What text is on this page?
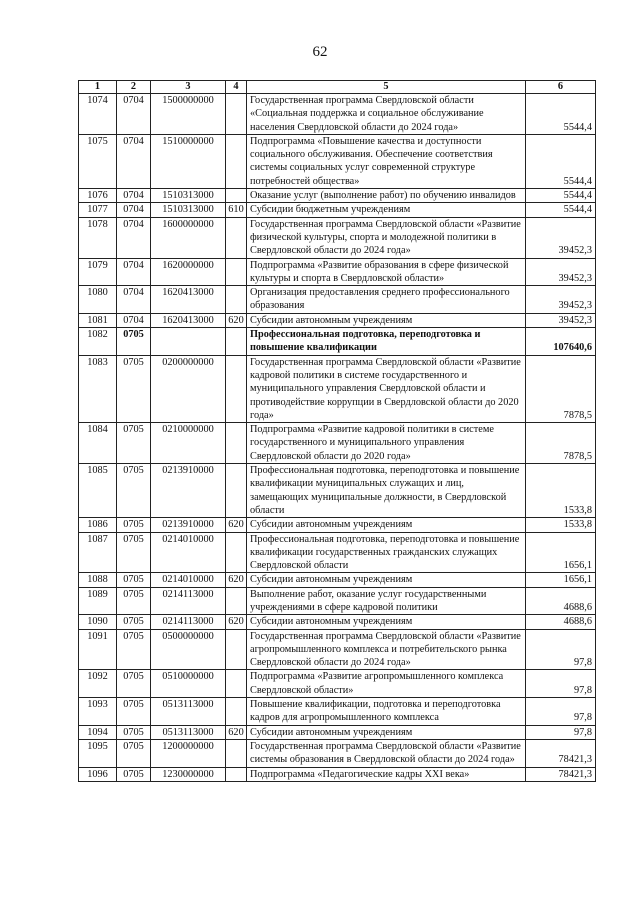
62
1	2	3	4	5	6
1074	0704	1500000000		Государственная программа Свердловской области «Социальная поддержка и социальное обслуживание населения Свердловской области до 2024 года»	5544,4
1075	0704	1510000000		Подпрограмма «Повышение качества и доступности социального обслуживания. Обеспечение соответствия системы социальных услуг современной структуре потребностей общества»	5544,4
1076	0704	1510313000		Оказание услуг (выполнение работ) по обучению инвалидов	5544,4
1077	0704	1510313000	610	Субсидии бюджетным учреждениям	5544,4
1078	0704	1600000000		Государственная программа Свердловской области «Развитие физической культуры, спорта и молодежной политики в Свердловской области до 2024 года»	39452,3
1079	0704	1620000000		Подпрограмма «Развитие образования в сфере физической культуры и спорта в Свердловской области»	39452,3
1080	0704	1620413000		Организация предоставления среднего профессионального образования	39452,3
1081	0704	1620413000	620	Субсидии автономным учреждениям	39452,3
1082	0705			Профессиональная подготовка, переподготовка и повышение квалификации	107640,6
1083	0705	0200000000		Государственная программа Свердловской области «Развитие кадровой политики в системе государственного и муниципального управления Свердловской области и противодействие коррупции в Свердловской области до 2020 года»	7878,5
1084	0705	0210000000		Подпрограмма «Развитие кадровой политики в системе государственного и муниципального управления Свердловской области до 2020 года»	7878,5
1085	0705	0213910000		Профессиональная подготовка, переподготовка и повышение квалификации муниципальных служащих и лиц, замещающих муниципальные должности, в Свердловской области	1533,8
1086	0705	0213910000	620	Субсидии автономным учреждениям	1533,8
1087	0705	0214010000		Профессиональная подготовка, переподготовка и повышение квалификации государственных гражданских служащих Свердловской области	1656,1
1088	0705	0214010000	620	Субсидии автономным учреждениям	1656,1
1089	0705	0214113000		Выполнение работ, оказание услуг государственными учреждениями в сфере кадровой политики	4688,6
1090	0705	0214113000	620	Субсидии автономным учреждениям	4688,6
1091	0705	0500000000		Государственная программа Свердловской области «Развитие агропромышленного комплекса и потребительского рынка Свердловской области до 2024 года»	97,8
1092	0705	0510000000		Подпрограмма «Развитие агропромышленного комплекса Свердловской области»	97,8
1093	0705	0513113000		Повышение квалификации, подготовка и переподготовка кадров для агропромышленного комплекса	97,8
1094	0705	0513113000	620	Субсидии автономным учреждениям	97,8
1095	0705	1200000000		Государственная программа Свердловской области «Развитие системы образования в Свердловской области до 2024 года»	78421,3
1096	0705	1230000000		Подпрограмма «Педагогические кадры XXI века»	78421,3
